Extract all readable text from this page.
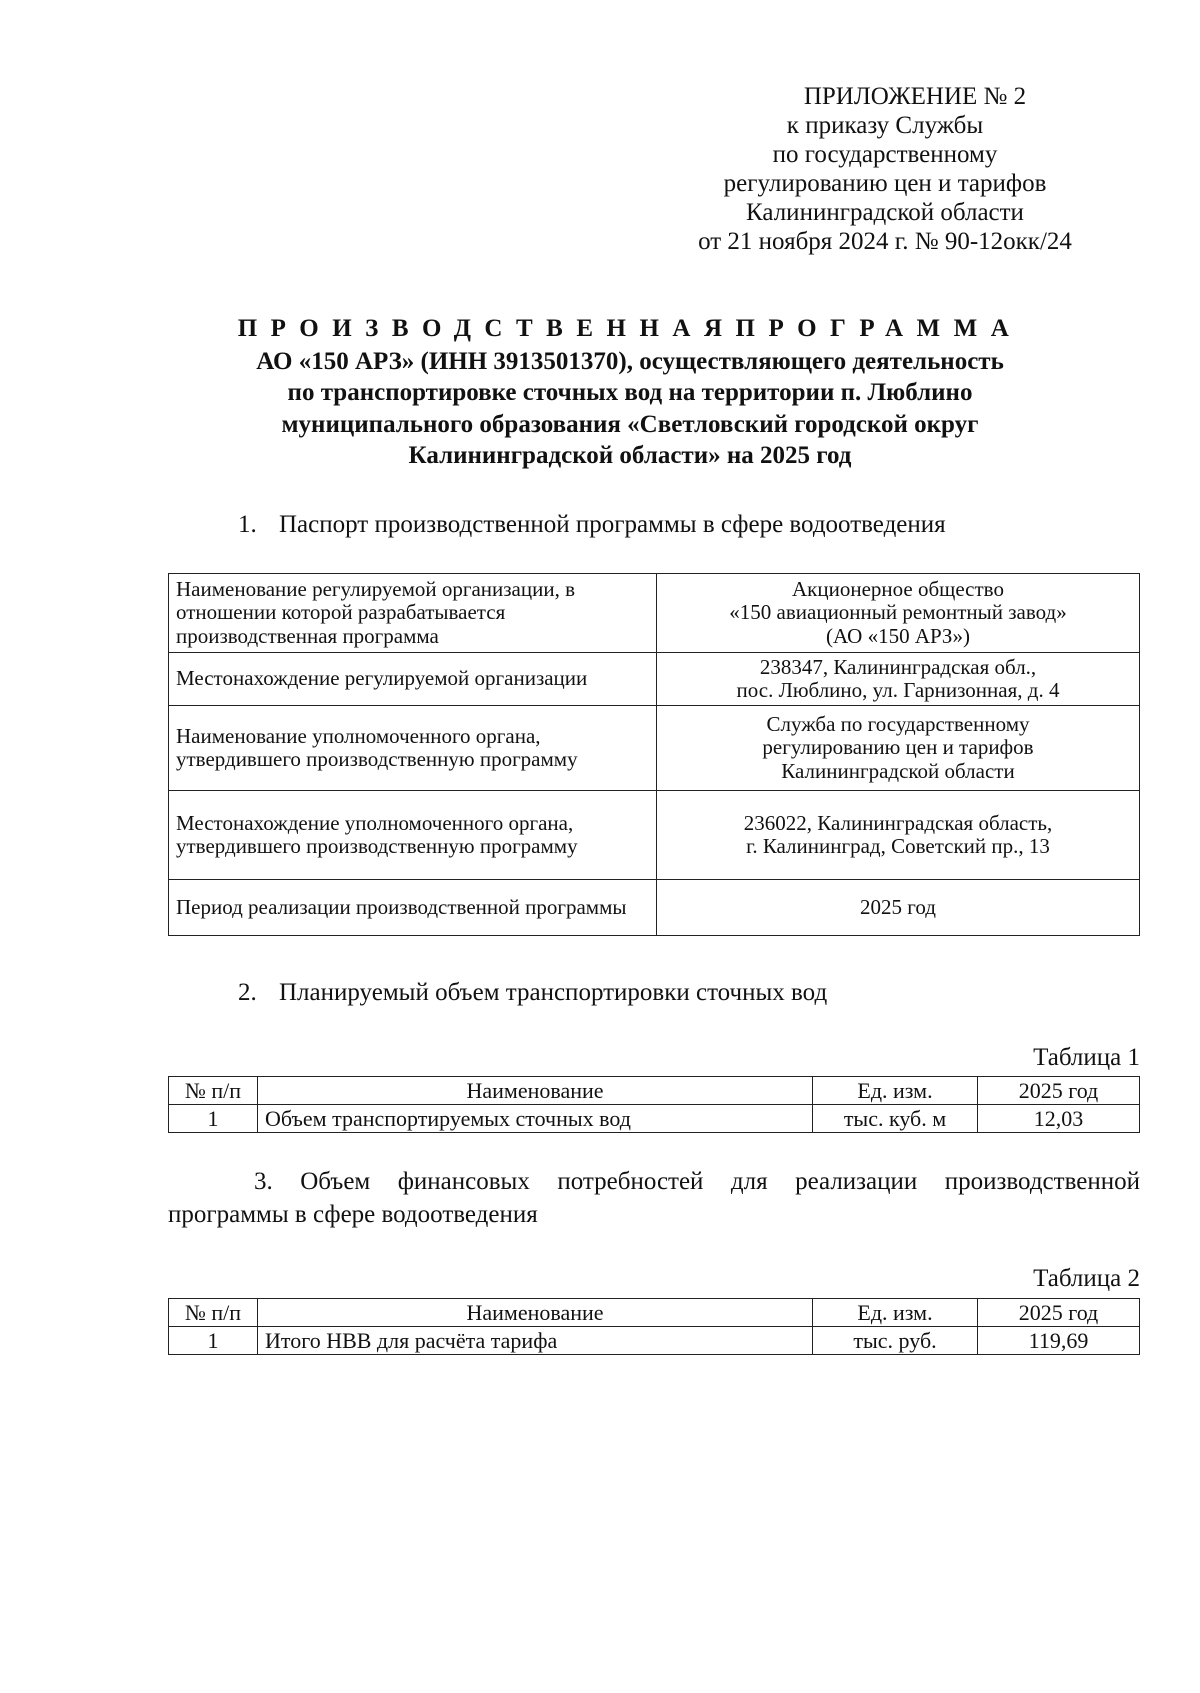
ПРИЛОЖЕНИЕ № 2
к приказу Службы
по государственному
регулированию цен и тарифов
Калининградской области
от 21 ноября 2024 г. № 90-12окк/24
ПРОИЗВОДСТВЕННАЯПРОГРАММА
АО «150 АРЗ» (ИНН 3913501370), осуществляющего деятельность
по транспортировке сточных вод на территории п. Люблино
муниципального образования «Светловский городской округ
Калининградской области» на 2025 год
1. Паспорт производственной программы в сфере водоотведения
Наименование регулируемой организации, в отношении которой разрабатывается производственная программа	Акционерное общество
«150 авиационный ремонтный завод»
(АО «150 АРЗ»)

Местонахождение регулируемой организации	238347, Калининградская обл.,
пос. Люблино, ул. Гарнизонная, д. 4

Наименование уполномоченного органа, утвердившего производственную программу	Служба по государственному
регулированию цен и тарифов
Калининградской области

Местонахождение уполномоченного органа, утвердившего производственную программу	236022, Калининградская область,
г. Калининград, Советский пр., 13

Период реализации производственной программы	2025 год
2. Планируемый объем транспортировки сточных вод
Таблица 1
№ п/п	Наименование	Ед. изм.	2025 год
1	Объем транспортируемых сточных вод	тыс. куб. м	12,03
3. Объем финансовых потребностей для реализации производственной
программы в сфере водоотведения
Таблица 2
№ п/п	Наименование	Ед. изм.	2025 год
1	Итого НВВ для расчёта тарифа	тыс. руб.	119,69
